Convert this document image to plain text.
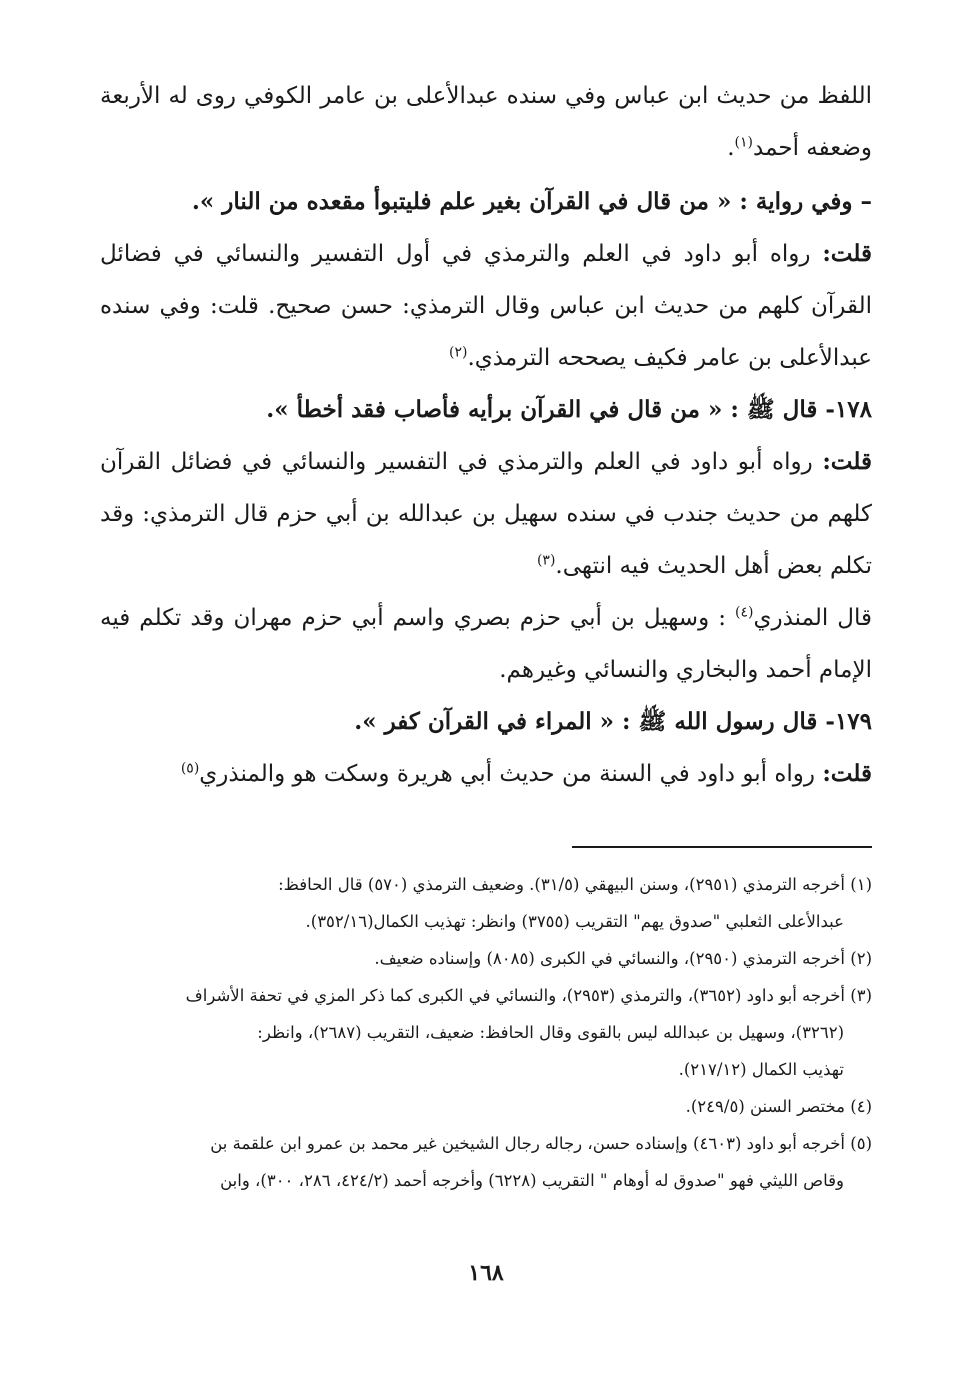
اللفظ من حديث ابن عباس وفي سنده عبدالأعلى بن عامر الكوفي روى له الأربعة وضعفه أحمد$^{(١)}$.

– وفي رواية : « من قال في القرآن بغير علم فليتبوأ مقعده من النار ».

قلت: رواه أبو داود في العلم والترمذي في أول التفسير والنسائي في فضائل القرآن كلهم من حديث ابن عباس وقال الترمذي: حسن صحيح. قلت: وفي سنده عبدالأعلى بن عامر فكيف يصححه الترمذي.$^{(٢)}$

١٧٨- قال ﷺ : « من قال في القرآن برأيه فأصاب فقد أخطأ ».

قلت: رواه أبو داود في العلم والترمذي في التفسير والنسائي في فضائل القرآن كلهم من حديث جندب في سنده سهيل بن عبدالله بن أبي حزم قال الترمذي: وقد تكلم بعض أهل الحديث فيه انتهى.$^{(٣)}$

قال المنذري$^{(٤)}$ : وسهيل بن أبي حزم بصري واسم أبي حزم مهران وقد تكلم فيه الإمام أحمد والبخاري والنسائي وغيرهم.

١٧٩- قال رسول الله ﷺ : « المراء في القرآن كفر ».

قلت: رواه أبو داود في السنة من حديث أبي هريرة وسكت هو والمنذري$^{(٥)}$

(١) أخرجه الترمذي (٢٩٥١)، وسنن البيهقي (٣١/٥). وضعيف الترمذي (٥٧٠) قال الحافظ:

عبدالأعلى الثعلبي "صدوق يهم" التقريب (٣٧٥٥) وانظر: تهذيب الكمال(٣٥٢/١٦).

(٢) أخرجه الترمذي (٢٩٥٠)، والنسائي في الكبرى (٨٠٨٥) وإسناده ضعيف.

(٣) أخرجه أبو داود (٣٦٥٢)، والترمذي (٢٩٥٣)، والنسائي في الكبرى كما ذكر المزي في تحفة الأشراف

(٣٢٦٢)، وسهيل بن عبدالله ليس بالقوى وقال الحافظ: ضعيف، التقريب (٢٦٨٧)، وانظر:

تهذيب الكمال (٢١٧/١٢).

(٤) مختصر السنن (٢٤٩/٥).

(٥) أخرجه أبو داود (٤٦٠٣) وإسناده حسن، رجاله رجال الشيخين غير محمد بن عمرو ابن علقمة بن

وقاص الليثي فهو "صدوق له أوهام " التقريب (٦٢٢٨) وأخرجه أحمد (٤٢٤/٢، ٢٨٦، ٣٠٠)، وابن

١٦٨
